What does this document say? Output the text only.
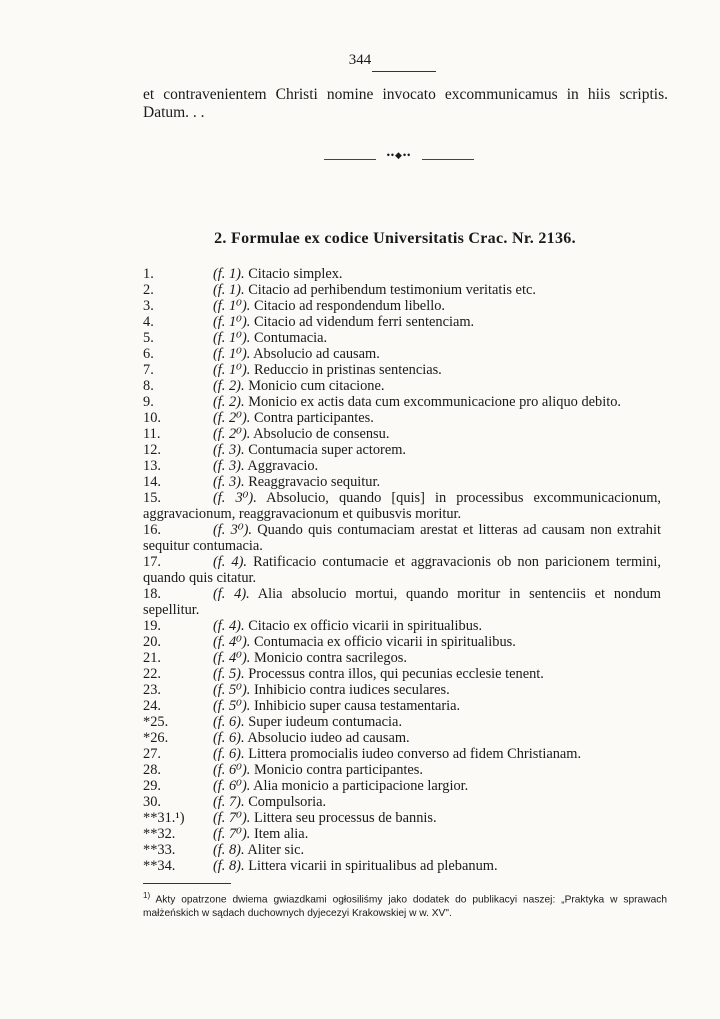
344
et contravenientem Christi nomine invocato excommunicamus in hiis scriptis. Datum. . .
••◆••
2. Formulae ex codice Universitatis Crac. Nr. 2136.
1.	(f. 1). Citacio simplex.
2.	(f. 1). Citacio ad perhibendum testimonium veritatis etc.
3.	(f. 1⁰). Citacio ad respondendum libello.
4.	(f. 1⁰). Citacio ad videndum ferri sentenciam.
5.	(f. 1⁰). Contumacia.
6.	(f. 1⁰). Absolucio ad causam.
7.	(f. 1⁰). Reduccio in pristinas sentencias.
8.	(f. 2). Monicio cum citacione.
9.	(f. 2). Monicio ex actis data cum excommunicacione pro aliquo debito.
10.	(f. 2⁰). Contra participantes.
11.	(f. 2⁰). Absolucio de consensu.
12.	(f. 3). Contumacia super actorem.
13.	(f. 3). Aggravacio.
14.	(f. 3). Reaggravacio sequitur.
15.	(f. 3⁰). Absolucio, quando [quis] in processibus excommunicacionum, aggravacionum, reaggravacionum et quibusvis moritur.
16.	(f. 3⁰). Quando quis contumaciam arestat et litteras ad causam non extrahit sequitur contumacia.
17.	(f. 4). Ratificacio contumacie et aggravacionis ob non paricionem termini, quando quis citatur.
18.	(f. 4). Alia absolucio mortui, quando moritur in sentenciis et nondum sepellitur.
19.	(f. 4). Citacio ex officio vicarii in spiritualibus.
20.	(f. 4⁰). Contumacia ex officio vicarii in spiritualibus.
21.	(f. 4⁰). Monicio contra sacrilegos.
22.	(f. 5). Processus contra illos, qui pecunias ecclesie tenent.
23.	(f. 5⁰). Inhibicio contra iudices seculares.
24.	(f. 5⁰). Inhibicio super causa testamentaria.
*25.	(f. 6). Super iudeum contumacia.
*26.	(f. 6). Absolucio iudeo ad causam.
27.	(f. 6). Littera promocialis iudeo converso ad fidem Christianam.
28.	(f. 6⁰). Monicio contra participantes.
29.	(f. 6⁰). Alia monicio a participacione largior.
30.	(f. 7). Compulsoria.
**31.¹) (f. 7⁰). Littera seu processus de bannis.
**32.	(f. 7⁰). Item alia.
**33.	(f. 8). Aliter sic.
**34.	(f. 8). Littera vicarii in spiritualibus ad plebanum.
$^{1)}$ Akty opatrzone dwiema gwiazdkami ogłosiliśmy jako dodatek do publikacyi naszej: „Praktyka w sprawach małżeńskich w sądach duchownych dyjecezyi Krakowskiej w w. XV".
